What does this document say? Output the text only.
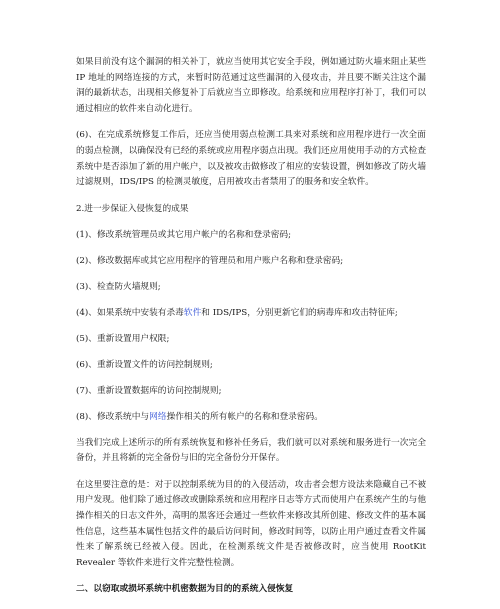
如果目前没有这个漏洞的相关补丁，就应当使用其它安全手段，例如通过防火墙来阻止某些 IP 地址的网络连接的方式，来暂时防范通过这些漏洞的入侵攻击，并且要不断关注这个漏洞的最新状态，出现相关修复补丁后就应当立即修改。给系统和应用程序打补丁，我们可以通过相应的软件来自动化进行。

(6)、在完成系统修复工作后，还应当使用弱点检测工具来对系统和应用程序进行一次全面的弱点检测，以确保没有已经的系统或应用程序弱点出现。我们还应用使用手动的方式检查系统中是否添加了新的用户帐户，以及被攻击做修改了相应的安装设置，例如修改了防火墙过滤规则，IDS/IPS 的检测灵敏度，启用被攻击者禁用了的服务和安全软件。

2.进一步保证入侵恢复的成果

(1)、修改系统管理员或其它用户帐户的名称和登录密码;

(2)、修改数据库或其它应用程序的管理员和用户账户名称和登录密码;

(3)、检查防火墙规则;

(4)、如果系统中安装有杀毒软件和 IDS/IPS，分别更新它们的病毒库和攻击特征库;

(5)、重新设置用户权限;

(6)、重新设置文件的访问控制规则;

(7)、重新设置数据库的访问控制规则;

(8)、修改系统中与网络操作相关的所有帐户的名称和登录密码。

当我们完成上述所示的所有系统恢复和修补任务后，我们就可以对系统和服务进行一次完全备份，并且将新的完全备份与旧的完全备份分开保存。

在这里要注意的是：对于以控制系统为目的的入侵活动，攻击者会想方设法来隐藏自己不被用户发现。他们除了通过修改或删除系统和应用程序日志等方式而使用户在系统产生的与他操作相关的日志文件外，高明的黑客还会通过一些软件来修改其所创建、修改文件的基本属性信息，这些基本属性包括文件的最后访问时间，修改时间等，以防止用户通过查看文件属性来了解系统已经被入侵。因此，在检测系统文件是否被修改时，应当使用 RootKit Revealer 等软件来进行文件完整性检测。

二、以窃取或损坏系统中机密数据为目的的系统入侵恢复
